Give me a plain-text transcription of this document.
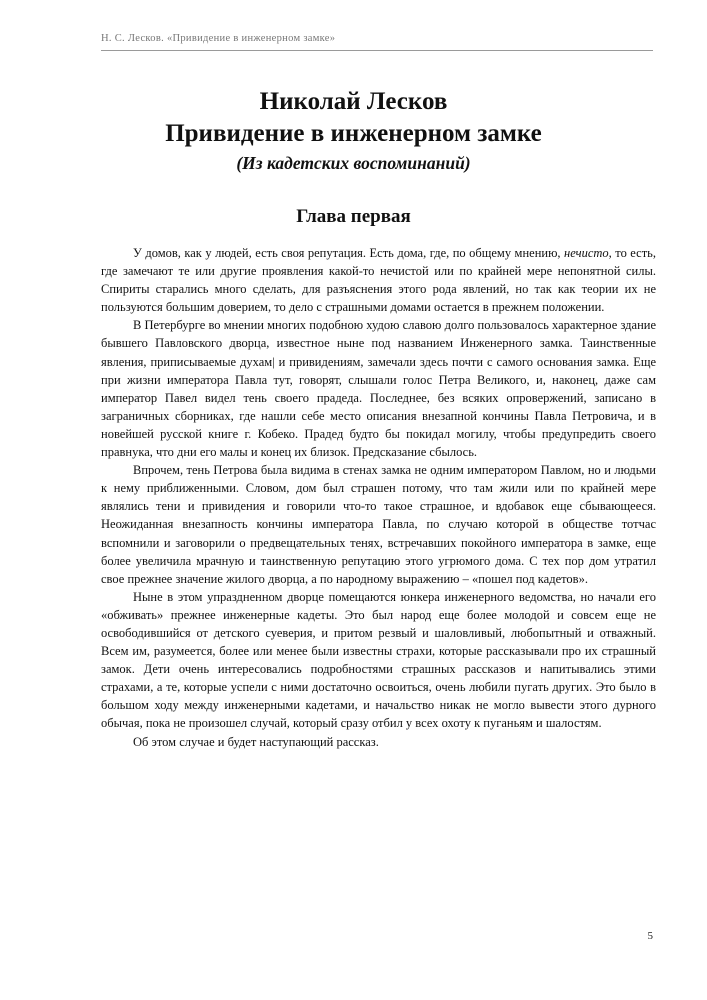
Н. С. Лесков. «Привидение в инженерном замке»
Николай Лесков
Привидение в инженерном замке
(Из кадетских воспоминаний)
Глава первая

У домов, как у людей, есть своя репутация. Есть дома, где, по общему мнению, нечисто, то есть, где замечают те или другие проявления какой-то нечистой или по крайней мере непонятной силы. Спириты старались много сделать, для разъяснения этого рода явлений, но так как теории их не пользуются большим доверием, то дело с страшными домами остается в прежнем положении.

В Петербурге во мнении многих подобною худою славою долго пользовалось характерное здание бывшего Павловского дворца, известное ныне под названием Инженерного замка. Таинственные явления, приписываемые духам| и привидениям, замечали здесь почти с самого основания замка. Еще при жизни императора Павла тут, говорят, слышали голос Петра Великого, и, наконец, даже сам император Павел видел тень своего прадеда. Последнее, без всяких опровержений, записано в заграничных сборниках, где нашли себе место описания внезапной кончины Павла Петровича, и в новейшей русской книге г. Кобеко. Прадед будто бы покидал могилу, чтобы предупредить своего правнука, что дни его малы и конец их близок. Предсказание сбылось.

Впрочем, тень Петрова была видима в стенах замка не одним императором Павлом, но и людьми к нему приближенными. Словом, дом был страшен потому, что там жили или по крайней мере являлись тени и привидения и говорили что-то такое страшное, и вдобавок еще сбывающееся. Неожиданная внезапность кончины императора Павла, по случаю которой в обществе тотчас вспомнили и заговорили о предвещательных тенях, встречавших покойного императора в замке, еще более увеличила мрачную и таинственную репутацию этого угрюмого дома. С тех пор дом утратил свое прежнее значение жилого дворца, а по народному выражению – «пошел под кадетов».

Ныне в этом упраздненном дворце помещаются юнкера инженерного ведомства, но начали его «обживать» прежнее инженерные кадеты. Это был народ еще более молодой и совсем еще не освободившийся от детского суеверия, и притом резвый и шаловливый, любопытный и отважный. Всем им, разумеется, более или менее были известны страхи, которые рассказывали про их страшный замок. Дети очень интересовались подробностями страшных рассказов и напитывались этими страхами, а те, которые успели с ними достаточно освоиться, очень любили пугать других. Это было в большом ходу между инженерными кадетами, и начальство никак не могло вывести этого дурного обычая, пока не произошел случай, который сразу отбил у всех охоту к пуганьям и шалостям.

Об этом случае и будет наступающий рассказ.

5
